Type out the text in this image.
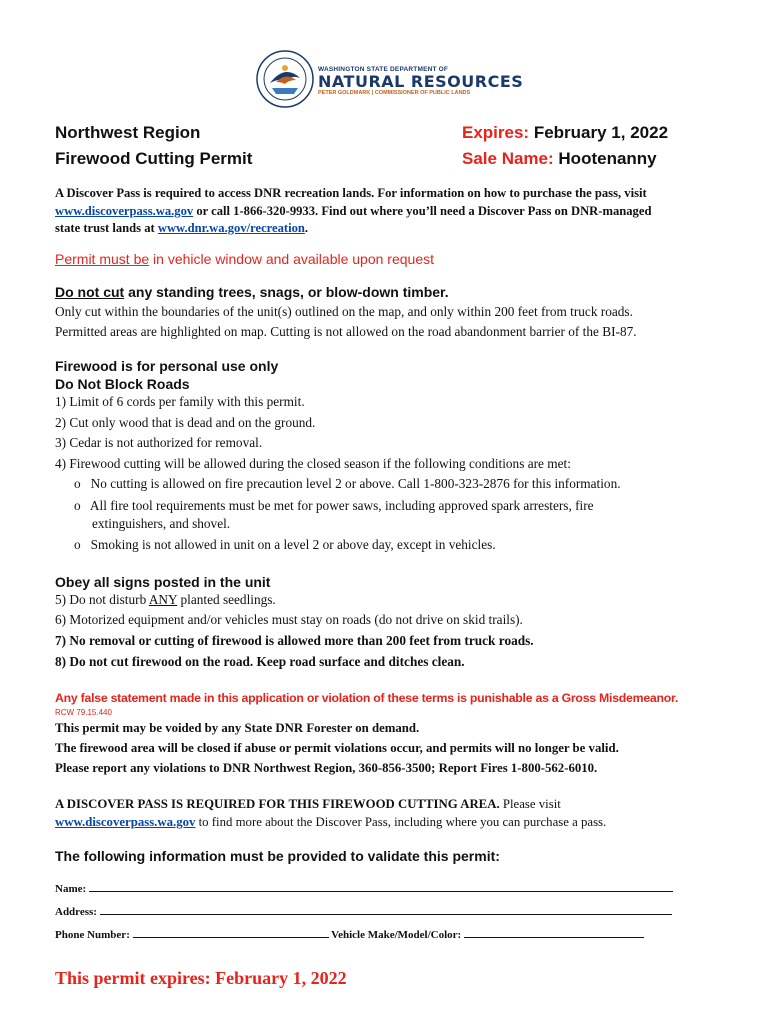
WASHINGTON STATE DEPARTMENT OF
NATURAL RESOURCES
PETER GOLDMARK | COMMISSIONER OF PUBLIC LANDS
Northwest Region
Firewood Cutting Permit
Expires: February 1, 2022
Sale Name: Hootenanny
A Discover Pass is required to access DNR recreation lands. For information on how to purchase the pass, visit
www.discoverpass.wa.gov or call 1-866-320-9933. Find out where you’ll need a Discover Pass on DNR-managed
state trust lands at www.dnr.wa.gov/recreation.
Permit must be in vehicle window and available upon request
Do not cut any standing trees, snags, or blow-down timber.
Only cut within the boundaries of the unit(s) outlined on the map, and only within 200 feet from truck roads.
Permitted areas are highlighted on map. Cutting is not allowed on the road abandonment barrier of the BI-87.
Firewood is for personal use only
Do Not Block Roads
1) Limit of 6 cords per family with this permit.
2) Cut only wood that is dead and on the ground.
3) Cedar is not authorized for removal.
4) Firewood cutting will be allowed during the closed season if the following conditions are met:
o No cutting is allowed on fire precaution level 2 or above. Call 1-800-323-2876 for this information.
o All fire tool requirements must be met for power saws, including approved spark arresters, fire
extinguishers, and shovel.
o Smoking is not allowed in unit on a level 2 or above day, except in vehicles.
Obey all signs posted in the unit
5) Do not disturb ANY planted seedlings.
6) Motorized equipment and/or vehicles must stay on roads (do not drive on skid trails).
7) No removal or cutting of firewood is allowed more than 200 feet from truck roads.
8) Do not cut firewood on the road. Keep road surface and ditches clean.
Any false statement made in this application or violation of these terms is punishable as a Gross Misdemeanor.
RCW 79.15.440
This permit may be voided by any State DNR Forester on demand.
The firewood area will be closed if abuse or permit violations occur, and permits will no longer be valid.
Please report any violations to DNR Northwest Region, 360-856-3500; Report Fires 1-800-562-6010.
A DISCOVER PASS IS REQUIRED FOR THIS FIREWOOD CUTTING AREA. Please visit
www.discoverpass.wa.gov to find more about the Discover Pass, including where you can purchase a pass.
The following information must be provided to validate this permit:
Name:
Address:
Phone Number:	Vehicle Make/Model/Color:
This permit expires: February 1, 2022
